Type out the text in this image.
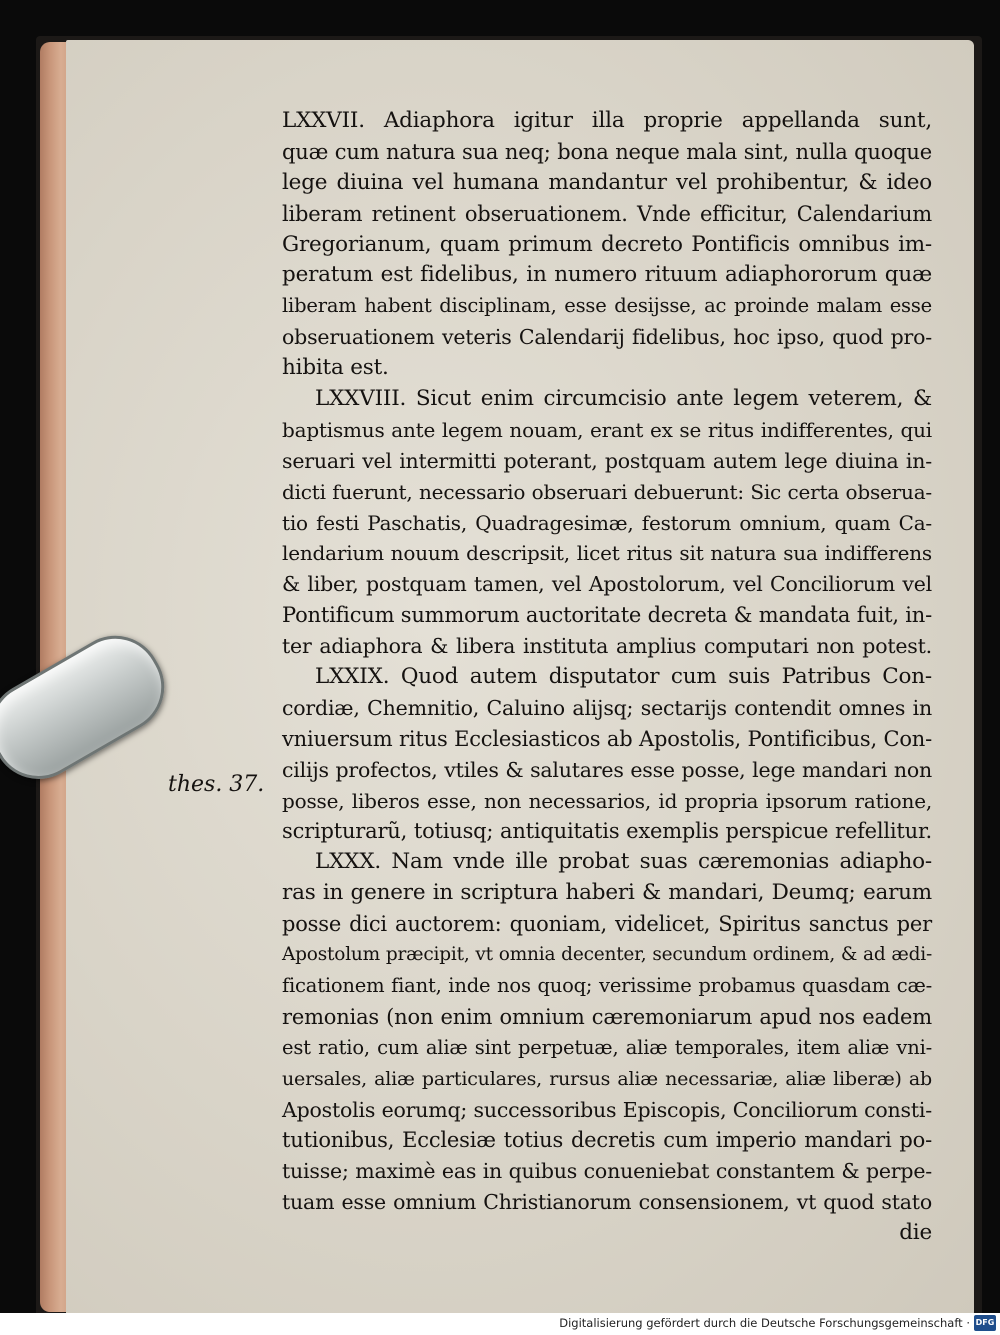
thes. 37.
LXXVII. Adiaphora igitur illa proprie appellanda sunt,
quæ cum natura sua neq; bona neque mala sint, nulla quoque
lege diuina vel humana mandantur vel prohibentur, & ideo
liberam retinent obseruationem. Vnde efficitur, Calendarium
Gregorianum, quam primum decreto Pontificis omnibus im-
peratum est fidelibus, in numero rituum adiaphororum quæ
liberam habent disciplinam, esse desijsse, ac proinde malam esse
obseruationem veteris Calendarij fidelibus, hoc ipso, quod pro-
hibita est.
LXXVIII. Sicut enim circumcisio ante legem veterem, &
baptismus ante legem nouam, erant ex se ritus indifferentes, qui
seruari vel intermitti poterant, postquam autem lege diuina in-
dicti fuerunt, necessario obseruari debuerunt: Sic certa obserua-
tio festi Paschatis, Quadragesimæ, festorum omnium, quam Ca-
lendarium nouum descripsit, licet ritus sit natura sua indifferens
& liber, postquam tamen, vel Apostolorum, vel Conciliorum vel
Pontificum summorum auctoritate decreta & mandata fuit, in-
ter adiaphora & libera instituta amplius computari non potest.
LXXIX. Quod autem disputator cum suis Patribus Con-
cordiæ, Chemnitio, Caluino alijsq; sectarijs contendit omnes in
vniuersum ritus Ecclesiasticos ab Apostolis, Pontificibus, Con-
cilijs profectos, vtiles & salutares esse posse, lege mandari non
posse, liberos esse, non necessarios, id propria ipsorum ratione,
scripturarũ, totiusq; antiquitatis exemplis perspicue refellitur.
LXXX. Nam vnde ille probat suas cæremonias adiapho-
ras in genere in scriptura haberi & mandari, Deumq; earum
posse dici auctorem: quoniam, videlicet, Spiritus sanctus per
Apostolum præcipit, vt omnia decenter, secundum ordinem, & ad ædi-
ficationem fiant, inde nos quoq; verissime probamus quasdam cæ-
remonias (non enim omnium cæremoniarum apud nos eadem
est ratio, cum aliæ sint perpetuæ, aliæ temporales, item aliæ vni-
uersales, aliæ particulares, rursus aliæ necessariæ, aliæ liberæ) ab
Apostolis eorumq; successoribus Episcopis, Conciliorum consti-
tutionibus, Ecclesiæ totius decretis cum imperio mandari po-
tuisse; maximè eas in quibus conueniebat constantem & perpe-
tuam esse omnium Christianorum consensionem, vt quod stato
die
Digitalisierung gefördert durch die Deutsche Forschungsgemeinschaft · DFG
